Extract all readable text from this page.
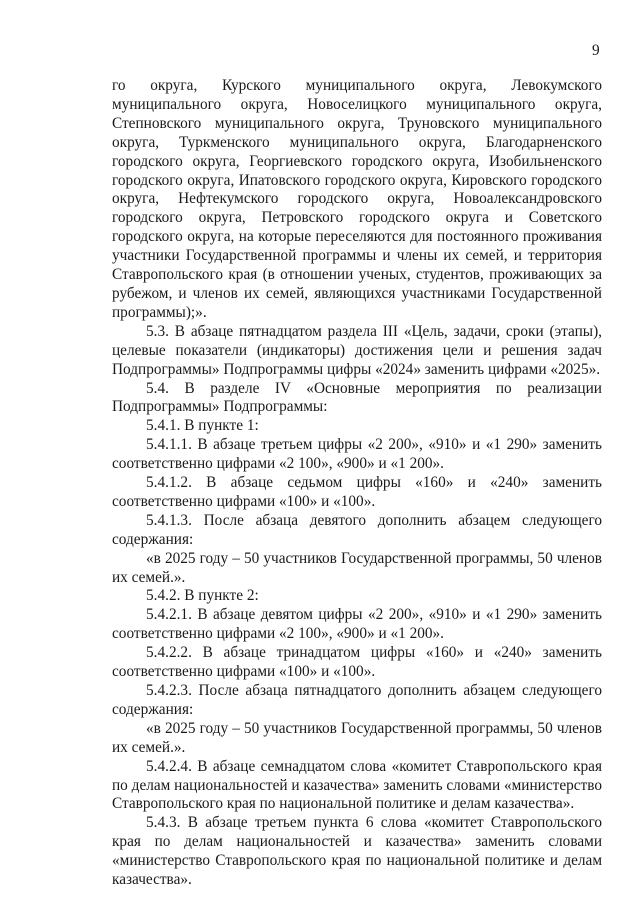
9

го округа, Курского муниципального округа, Левокумского муниципального округа, Новоселицкого муниципального округа, Степновского муниципального округа, Труновского муниципального округа, Туркменского муниципального округа, Благодарненского городского округа, Георгиевского городского округа, Изобильненского городского округа, Ипатовского городского округа, Кировского городского округа, Нефтекумского городского округа, Новоалександровского городского округа, Петровского городского округа и Советского городского округа, на которые переселяются для постоянного проживания участники Государственной программы и члены их семей, и территория Ставропольского края (в отношении ученых, студентов, проживающих за рубежом, и членов их семей, являющихся участниками Государственной программы);».

5.3. В абзаце пятнадцатом раздела III «Цель, задачи, сроки (этапы), целевые показатели (индикаторы) достижения цели и решения задач Подпрограммы» Подпрограммы цифры «2024» заменить цифрами «2025».

5.4. В разделе IV «Основные мероприятия по реализации Подпрограммы» Подпрограммы:

5.4.1. В пункте 1:

5.4.1.1. В абзаце третьем цифры «2 200», «910» и «1 290» заменить соответственно цифрами «2 100», «900» и «1 200».

5.4.1.2. В абзаце седьмом цифры «160» и «240» заменить соответственно цифрами «100» и «100».

5.4.1.3. После абзаца девятого дополнить абзацем следующего содержания:

«в 2025 году – 50 участников Государственной программы, 50 членов их семей.».

5.4.2. В пункте 2:

5.4.2.1. В абзаце девятом цифры «2 200», «910» и «1 290» заменить соответственно цифрами «2 100», «900» и «1 200».

5.4.2.2. В абзаце тринадцатом цифры «160» и «240» заменить соответственно цифрами «100» и «100».

5.4.2.3. После абзаца пятнадцатого дополнить абзацем следующего содержания:

«в 2025 году – 50 участников Государственной программы, 50 членов их семей.».

5.4.2.4. В абзаце семнадцатом слова «комитет Ставропольского края по делам национальностей и казачества» заменить словами «министерство Ставропольского края по национальной политике и делам казачества».

5.4.3. В абзаце третьем пункта 6 слова «комитет Ставропольского края по делам национальностей и казачества» заменить словами «министерство Ставропольского края по национальной политике и делам казачества».
